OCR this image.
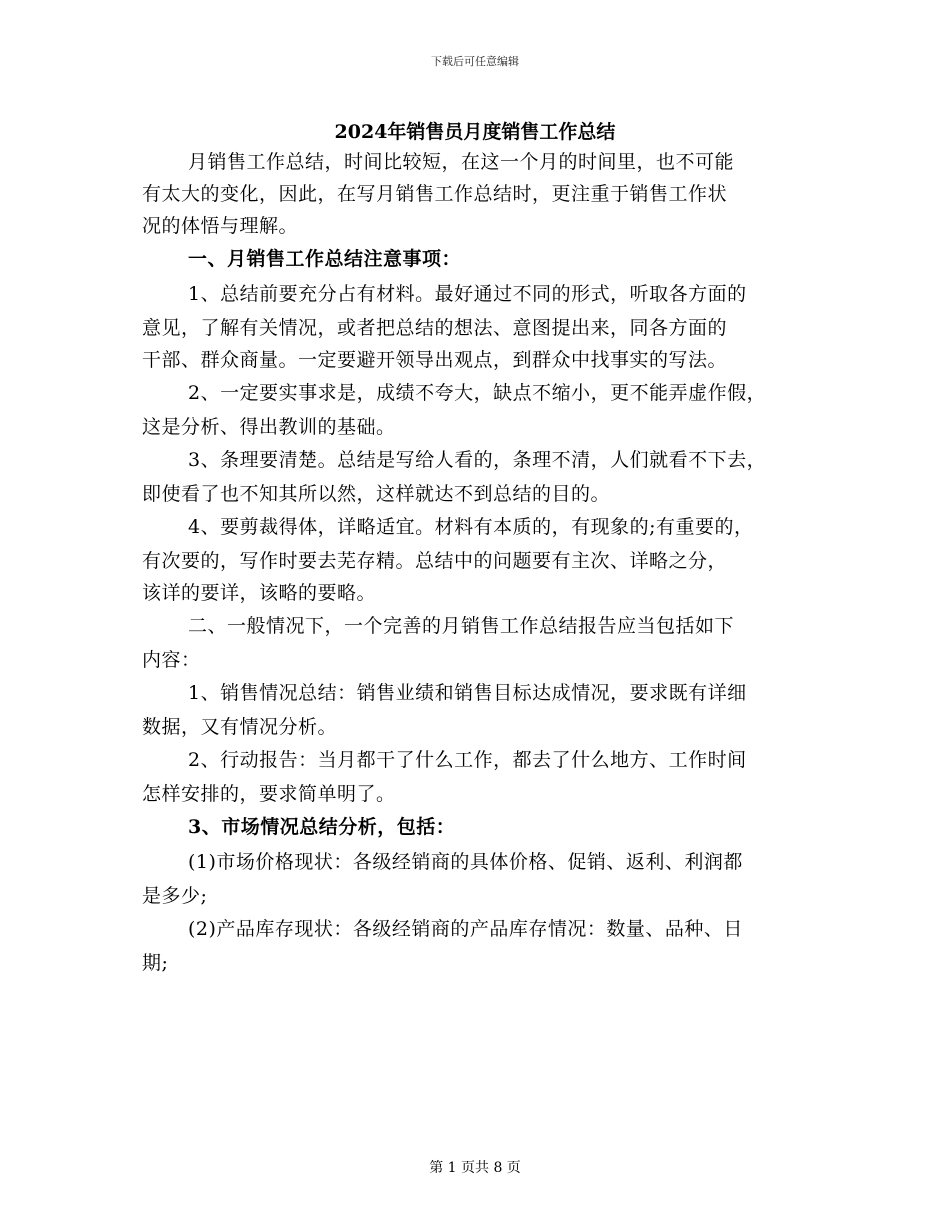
下载后可任意编辑
2024年销售员月度销售工作总结
月销售工作总结，时间比较短，在这一个月的时间里，也不可能
有太大的变化，因此，在写月销售工作总结时，更注重于销售工作状
况的体悟与理解。
一、月销售工作总结注意事项：
1、总结前要充分占有材料。最好通过不同的形式，听取各方面的
意见，了解有关情况，或者把总结的想法、意图提出来，同各方面的
干部、群众商量。一定要避开领导出观点，到群众中找事实的写法。
2、一定要实事求是，成绩不夸大，缺点不缩小，更不能弄虚作假，
这是分析、得出教训的基础。
3、条理要清楚。总结是写给人看的，条理不清，人们就看不下去，
即使看了也不知其所以然，这样就达不到总结的目的。
4、要剪裁得体，详略适宜。材料有本质的，有现象的;有重要的，
有次要的，写作时要去芜存精。总结中的问题要有主次、详略之分，
该详的要详，该略的要略。
二、一般情况下，一个完善的月销售工作总结报告应当包括如下
内容：
1、销售情况总结：销售业绩和销售目标达成情况，要求既有详细
数据，又有情况分析。
2、行动报告：当月都干了什么工作，都去了什么地方、工作时间
怎样安排的，要求简单明了。
3、市场情况总结分析，包括：
(1)市场价格现状：各级经销商的具体价格、促销、返利、利润都
是多少;
(2)产品库存现状：各级经销商的产品库存情况：数量、品种、日
期;
第 1 页共 8 页
